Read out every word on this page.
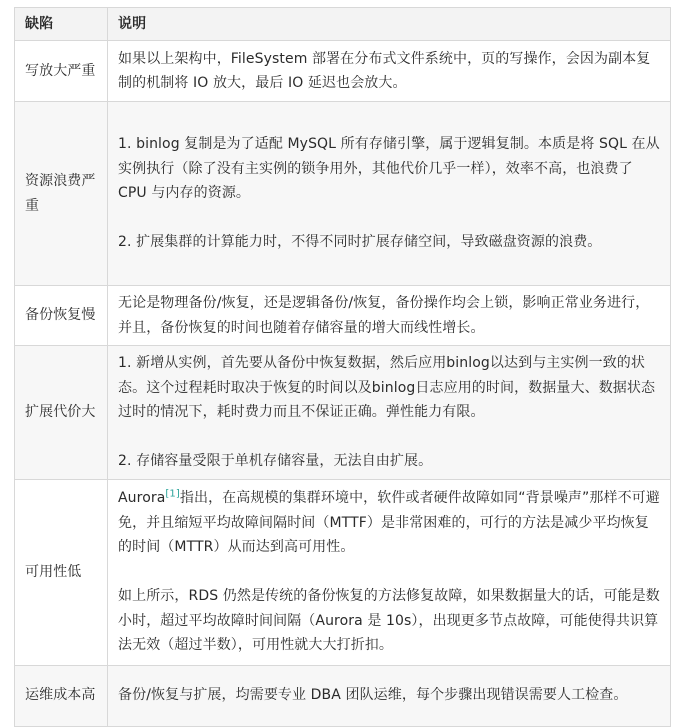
缺陷	说明
写放大严重	如果以上架构中，FileSystem 部署在分布式文件系统中，页的写操作，会因为副本复制的机制将 IO 放大，最后 IO 延迟也会放大。

资源浪费严重	1. binlog 复制是为了适配 MySQL 所有存储引擎，属于逻辑复制。本质是将 SQL 在从实例执行（除了没有主实例的锁争用外，其他代价几乎一样），效率不高，也浪费了 CPU 与内存的资源。

2. 扩展集群的计算能力时，不得不同时扩展存储空间，导致磁盘资源的浪费。

备份恢复慢	无论是物理备份/恢复，还是逻辑备份/恢复，备份操作均会上锁，影响正常业务进行，并且，备份恢复的时间也随着存储容量的增大而线性增长。

扩展代价大	1. 新增从实例，首先要从备份中恢复数据，然后应用binlog以达到与主实例一致的状态。这个过程耗时取决于恢复的时间以及binlog日志应用的时间，数据量大、数据状态过时的情况下，耗时费力而且不保证正确。弹性能力有限。

2. 存储容量受限于单机存储容量，无法自由扩展。

可用性低	Aurora[1]指出，在高规模的集群环境中，软件或者硬件故障如同“背景噪声”那样不可避免，并且缩短平均故障间隔时间（MTTF）是非常困难的，可行的方法是减少平均恢复的时间（MTTR）从而达到高可用性。

如上所示，RDS 仍然是传统的备份恢复的方法修复故障，如果数据量大的话，可能是数小时，超过平均故障时间间隔（Aurora 是 10s），出现更多节点故障，可能使得共识算法无效（超过半数），可用性就大大打折扣。

运维成本高	备份/恢复与扩展，均需要专业 DBA 团队运维，每个步骤出现错误需要人工检查。
